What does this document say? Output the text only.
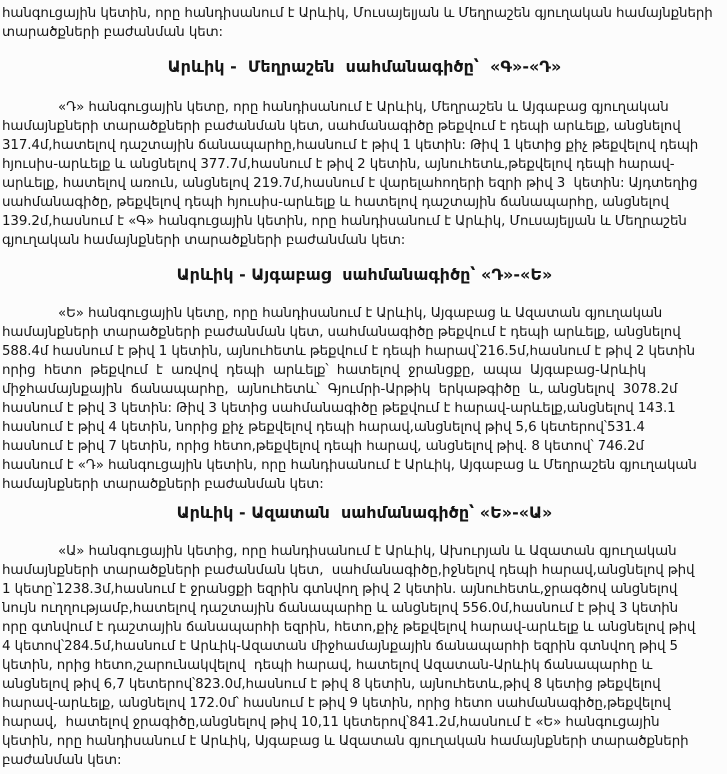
հանգուցային կետին, որը հանդիսանում է Արևիկ, Մուսայելյան և Մեղրաշեն գյուղական համայնքների
տարածքների բաժանման կետ:
Արևիկ -  Մեղրաշեն  սահմանագիծը՝  «Գ»-«Դ»
«Դ» հանգուցային կետը, որը հանդիսանում է Արևիկ, Մեղրաշեն և Այգաբաց գյուղական
համայնքների տարածքների բաժանման կետ, սահմանագիծը թեքվում է դեպի արևելք, անցնելով
317.4մ,հատելով դաշտային ճանապարհը,հասնում է թիվ 1 կետին: Թիվ 1 կետից քիչ թեքվելով դեպի
հյուսիս-արևելք և անցնելով 377.7մ,հասնում է թիվ 2 կետին, այնուհետև,թեքվելով դեպի հարավ-
արևելք, հատելով առուն, անցնելով 219.7մ,հասնում է վարելահողերի եզրի թիվ 3  կետին: Այդտեղից
սահմանագիծը, թեքվելով դեպի հյուսիս-արևելք և հատելով դաշտային ճանապարհը, անցնելով
139.2մ,հասնում է «Գ» հանգուցային կետին, որը հանդիսանում է Արևիկ, Մուսայելյան և Մեղրաշեն
գյուղական համայնքների տարածքների բաժանման կետ:
Արևիկ - Այգաբաց  սահմանագիծը՝ «Դ»-«Ե»
«Ե» հանգուցային կետը, որը հանդիսանում է Արևիկ, Այգաբաց և Ազատան գյուղական
համայնքների տարածքների բաժանման կետ, սահմանագիծը թեքվում է դեպի արևելք, անցնելով
588.4մ հասնում է թիվ 1 կետին, այնուհետև թեքվում է դեպի հարավ՝216.5մ,հասնում է թիվ 2 կետին
որից  հետո  թեքվում  է  առվով  դեպի  արևելք՝  հատելով  ջրանցքը,  ապա  Այգաբաց-Արևիկ
միջհամայնքային  ճանապարհը,  այնուհետև՝  Գյումրի-Արթիկ  երկաթգիծը  և, անցնելով  3078.2մ
հասնում է թիվ 3 կետին: Թիվ 3 կետից սահմանագիծը թեքվում է հարավ-արևելք,անցնելով 143.1
հասնում է թիվ 4 կետին, նորից քիչ թեքվելով դեպի հարավ,անցնելով թիվ 5,6 կետերով՝531.4
հասնում է թիվ 7 կետին, որից հետո,թեքվելով դեպի հարավ, անցնելով թիվ. 8 կետով՝ 746.2մ
հասնում է «Դ» հանգուցային կետին, որը հանդիսանում է Արևիկ, Այգաբաց և Մեղրաշեն գյուղական
համայնքների տարածքների բաժանման կետ:
Արևիկ - Ազատան  սահմանագիծը՝ «Ե»-«Ա»
«Ա» հանգուցային կետից, որը հանդիսանում է Արևիկ, Ախուրյան և Ազատան գյուղական
համայնքների տարածքների բաժանման կետ,  սահմանագիծը,իջնելով դեպի հարավ,անցնելով թիվ
1 կետը՝1238.3մ,հասնում է ջրանցքի եզրին գտնվող թիվ 2 կետին. այնուհետև,ջրագծով անցնելով
նույն ուղղությամբ,հատելով դաշտային ճանապարհը և անցնելով 556.0մ,հասնում է թիվ 3 կետին
որը գտնվում է դաշտային ճանապարհի եզրին, հետո,քիչ թեքվելով հարավ-արևելք և անցնելով թիվ
4 կետով՝284.5մ,հասնում է Արևիկ-Ազատան միջհամայնքային ճանապարհի եզրին գտնվող թիվ 5
կետին, որից հետո,շարունակվելով  դեպի հարավ, հատելով Ազատան-Արևիկ ճանապարհը և
անցնելով թիվ 6,7 կետերով՝823.0մ,հասնում է թիվ 8 կետին, այնուհետև,թիվ 8 կետից թեքվելով
հարավ-արևելք, անցնելով 172.0մ՝ հասնում է թիվ 9 կետին, որից հետո սահմանագիծը,թեքվելով
հարավ,  հատելով ջրագիծը,անցնելով թիվ 10,11 կետերով՝841.2մ,հասնում է «Ե» հանգուցային
կետին, որը հանդիսանում է Արևիկ, Այգաբաց և Ազատան գյուղական համայնքների տարածքների
բաժանման կետ:
